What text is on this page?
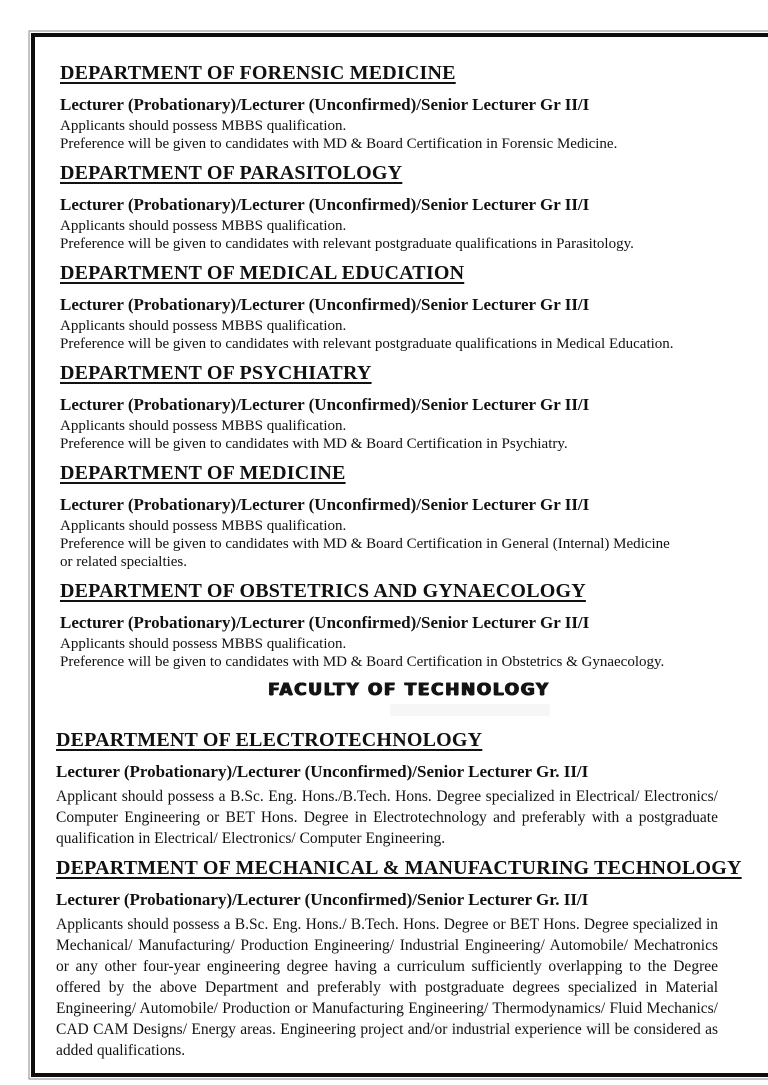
DEPARTMENT OF FORENSIC MEDICINE

Lecturer (Probationary)/Lecturer (Unconfirmed)/Senior Lecturer Gr II/I

Applicants should possess MBBS qualification.

Preference will be given to candidates with MD & Board Certification in Forensic Medicine.

DEPARTMENT OF PARASITOLOGY

Lecturer (Probationary)/Lecturer (Unconfirmed)/Senior Lecturer Gr II/I

Applicants should possess MBBS qualification.

Preference will be given to candidates with relevant postgraduate qualifications in Parasitology.

DEPARTMENT OF MEDICAL EDUCATION

Lecturer (Probationary)/Lecturer (Unconfirmed)/Senior Lecturer Gr II/I

Applicants should possess MBBS qualification.

Preference will be given to candidates with relevant postgraduate qualifications in Medical Education.

DEPARTMENT OF PSYCHIATRY

Lecturer (Probationary)/Lecturer (Unconfirmed)/Senior Lecturer Gr II/I

Applicants should possess MBBS qualification.

Preference will be given to candidates with MD & Board Certification in Psychiatry.

DEPARTMENT OF MEDICINE

Lecturer (Probationary)/Lecturer (Unconfirmed)/Senior Lecturer Gr II/I

Applicants should possess MBBS qualification.

Preference will be given to candidates with MD & Board Certification in General (Internal) Medicine

or related specialties.

DEPARTMENT OF OBSTETRICS AND GYNAECOLOGY

Lecturer (Probationary)/Lecturer (Unconfirmed)/Senior Lecturer Gr II/I

Applicants should possess MBBS qualification.

Preference will be given to candidates with MD & Board Certification in Obstetrics & Gynaecology.

FACULTY OF TECHNOLOGY
DEPARTMENT OF ELECTROTECHNOLOGY

Lecturer (Probationary)/Lecturer (Unconfirmed)/Senior Lecturer Gr. II/I

Applicant should possess a B.Sc. Eng. Hons./B.Tech. Hons. Degree specialized in Electrical/ Electronics/ Computer Engineering or BET Hons. Degree in Electrotechnology and preferably with a postgraduate qualification in Electrical/ Electronics/ Computer Engineering.

DEPARTMENT OF MECHANICAL & MANUFACTURING TECHNOLOGY

Lecturer (Probationary)/Lecturer (Unconfirmed)/Senior Lecturer Gr. II/I

Applicants should possess a B.Sc. Eng. Hons./ B.Tech. Hons. Degree or BET Hons. Degree specialized in Mechanical/ Manufacturing/ Production Engineering/ Industrial Engineering/ Automobile/ Mechatronics or any other four-year engineering degree having a curriculum sufficiently overlapping to the Degree offered by the above Department and preferably with postgraduate degrees specialized in Material Engineering/ Automobile/ Production or Manufacturing Engineering/ Thermodynamics/ Fluid Mechanics/ CAD CAM Designs/ Energy areas. Engineering project and/or industrial experience will be considered as added qualifications.
